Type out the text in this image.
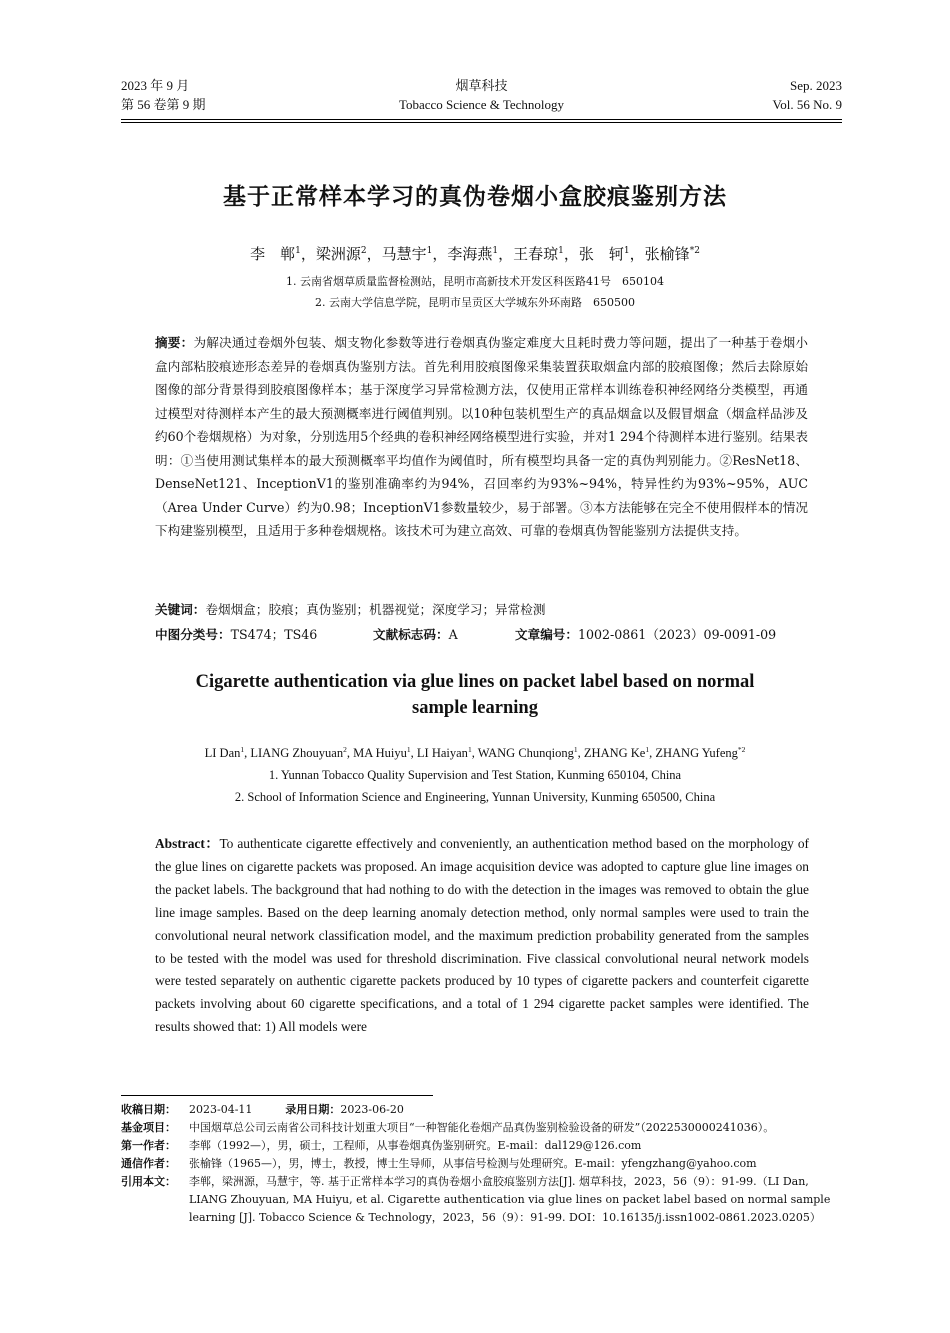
2023 年 9 月
第 56 卷第 9 期
烟草科技
Tobacco Science & Technology
Sep. 2023
Vol. 56 No. 9
基于正常样本学习的真伪卷烟小盒胶痕鉴别方法
李　郸$^1$，梁洲源$^2$，马慧宇$^1$，李海燕$^1$，王春琼$^1$，张　轲$^1$，张榆锋$^{*2}$
1. 云南省烟草质量监督检测站，昆明市高新技术开发区科医路41号　650104
2. 云南大学信息学院，昆明市呈贡区大学城东外环南路　650500
摘要：为解决通过卷烟外包装、烟支物化参数等进行卷烟真伪鉴定难度大且耗时费力等问题，提出了一种基于卷烟小盒内部粘胶痕迹形态差异的卷烟真伪鉴别方法。首先利用胶痕图像采集装置获取烟盒内部的胶痕图像；然后去除原始图像的部分背景得到胶痕图像样本；基于深度学习异常检测方法，仅使用正常样本训练卷积神经网络分类模型，再通过模型对待测样本产生的最大预测概率进行阈值判别。以10种包装机型生产的真品烟盒以及假冒烟盒（烟盒样品涉及约60个卷烟规格）为对象，分别选用5个经典的卷积神经网络模型进行实验，并对1 294个待测样本进行鉴别。结果表明：①当使用测试集样本的最大预测概率平均值作为阈值时，所有模型均具备一定的真伪判别能力。②ResNet18、DenseNet121、InceptionV1的鉴别准确率约为94%，召回率约为93%~94%，特异性约为93%~95%，AUC（Area Under Curve）约为0.98；InceptionV1参数量较少，易于部署。③本方法能够在完全不使用假样本的情况下构建鉴别模型，且适用于多种卷烟规格。该技术可为建立高效、可靠的卷烟真伪智能鉴别方法提供支持。
关键词：卷烟烟盒；胶痕；真伪鉴别；机器视觉；深度学习；异常检测
中图分类号：TS474；TS46	文献标志码：A	文章编号：1002-0861（2023）09-0091-09
Cigarette authentication via glue lines on packet label based on normal
sample learning
LI Dan$^1$, LIANG Zhouyuan$^2$, MA Huiyu$^1$, LI Haiyan$^1$, WANG Chunqiong$^1$, ZHANG Ke$^1$, ZHANG Yufeng$^{*2}$
1. Yunnan Tobacco Quality Supervision and Test Station, Kunming 650104, China
2. School of Information Science and Engineering, Yunnan University, Kunming 650500, China
Abstract：To authenticate cigarette effectively and conveniently, an authentication method based on the morphology of the glue lines on cigarette packets was proposed. An image acquisition device was adopted to capture glue line images on the packet labels. The background that had nothing to do with the detection in the images was removed to obtain the glue line image samples. Based on the deep learning anomaly detection method, only normal samples were used to train the convolutional neural network classification model, and the maximum prediction probability generated from the samples to be tested with the model was used for threshold discrimination. Five classical convolutional neural network models were tested separately on authentic cigarette packets produced by 10 types of cigarette packers and counterfeit cigarette packets involving about 60 cigarette specifications, and a total of 1 294 cigarette packet samples were identified. The results showed that: 1) All models were
收稿日期： 2023-04-11	录用日期：2023-06-20
基金项目： 中国烟草总公司云南省公司科技计划重大项目“一种智能化卷烟产品真伪鉴别检验设备的研发”（2022530000241036）。
第一作者： 李郸（1992—），男，硕士，工程师，从事卷烟真伪鉴别研究。E-mail：dal129@126.com
通信作者： 张榆锋（1965—），男，博士，教授，博士生导师，从事信号检测与处理研究。E-mail：yfengzhang@yahoo.com
引用本文： 李郸，梁洲源，马慧宇，等. 基于正常样本学习的真伪卷烟小盒胶痕鉴别方法[J]. 烟草科技，2023，56（9）：91-99.（LI Dan, LIANG Zhouyuan, MA Huiyu, et al. Cigarette authentication via glue lines on packet label based on normal sample learning [J]. Tobacco Science & Technology，2023，56（9）：91-99. DOI：10.16135/j.issn1002-0861.2023.0205）
